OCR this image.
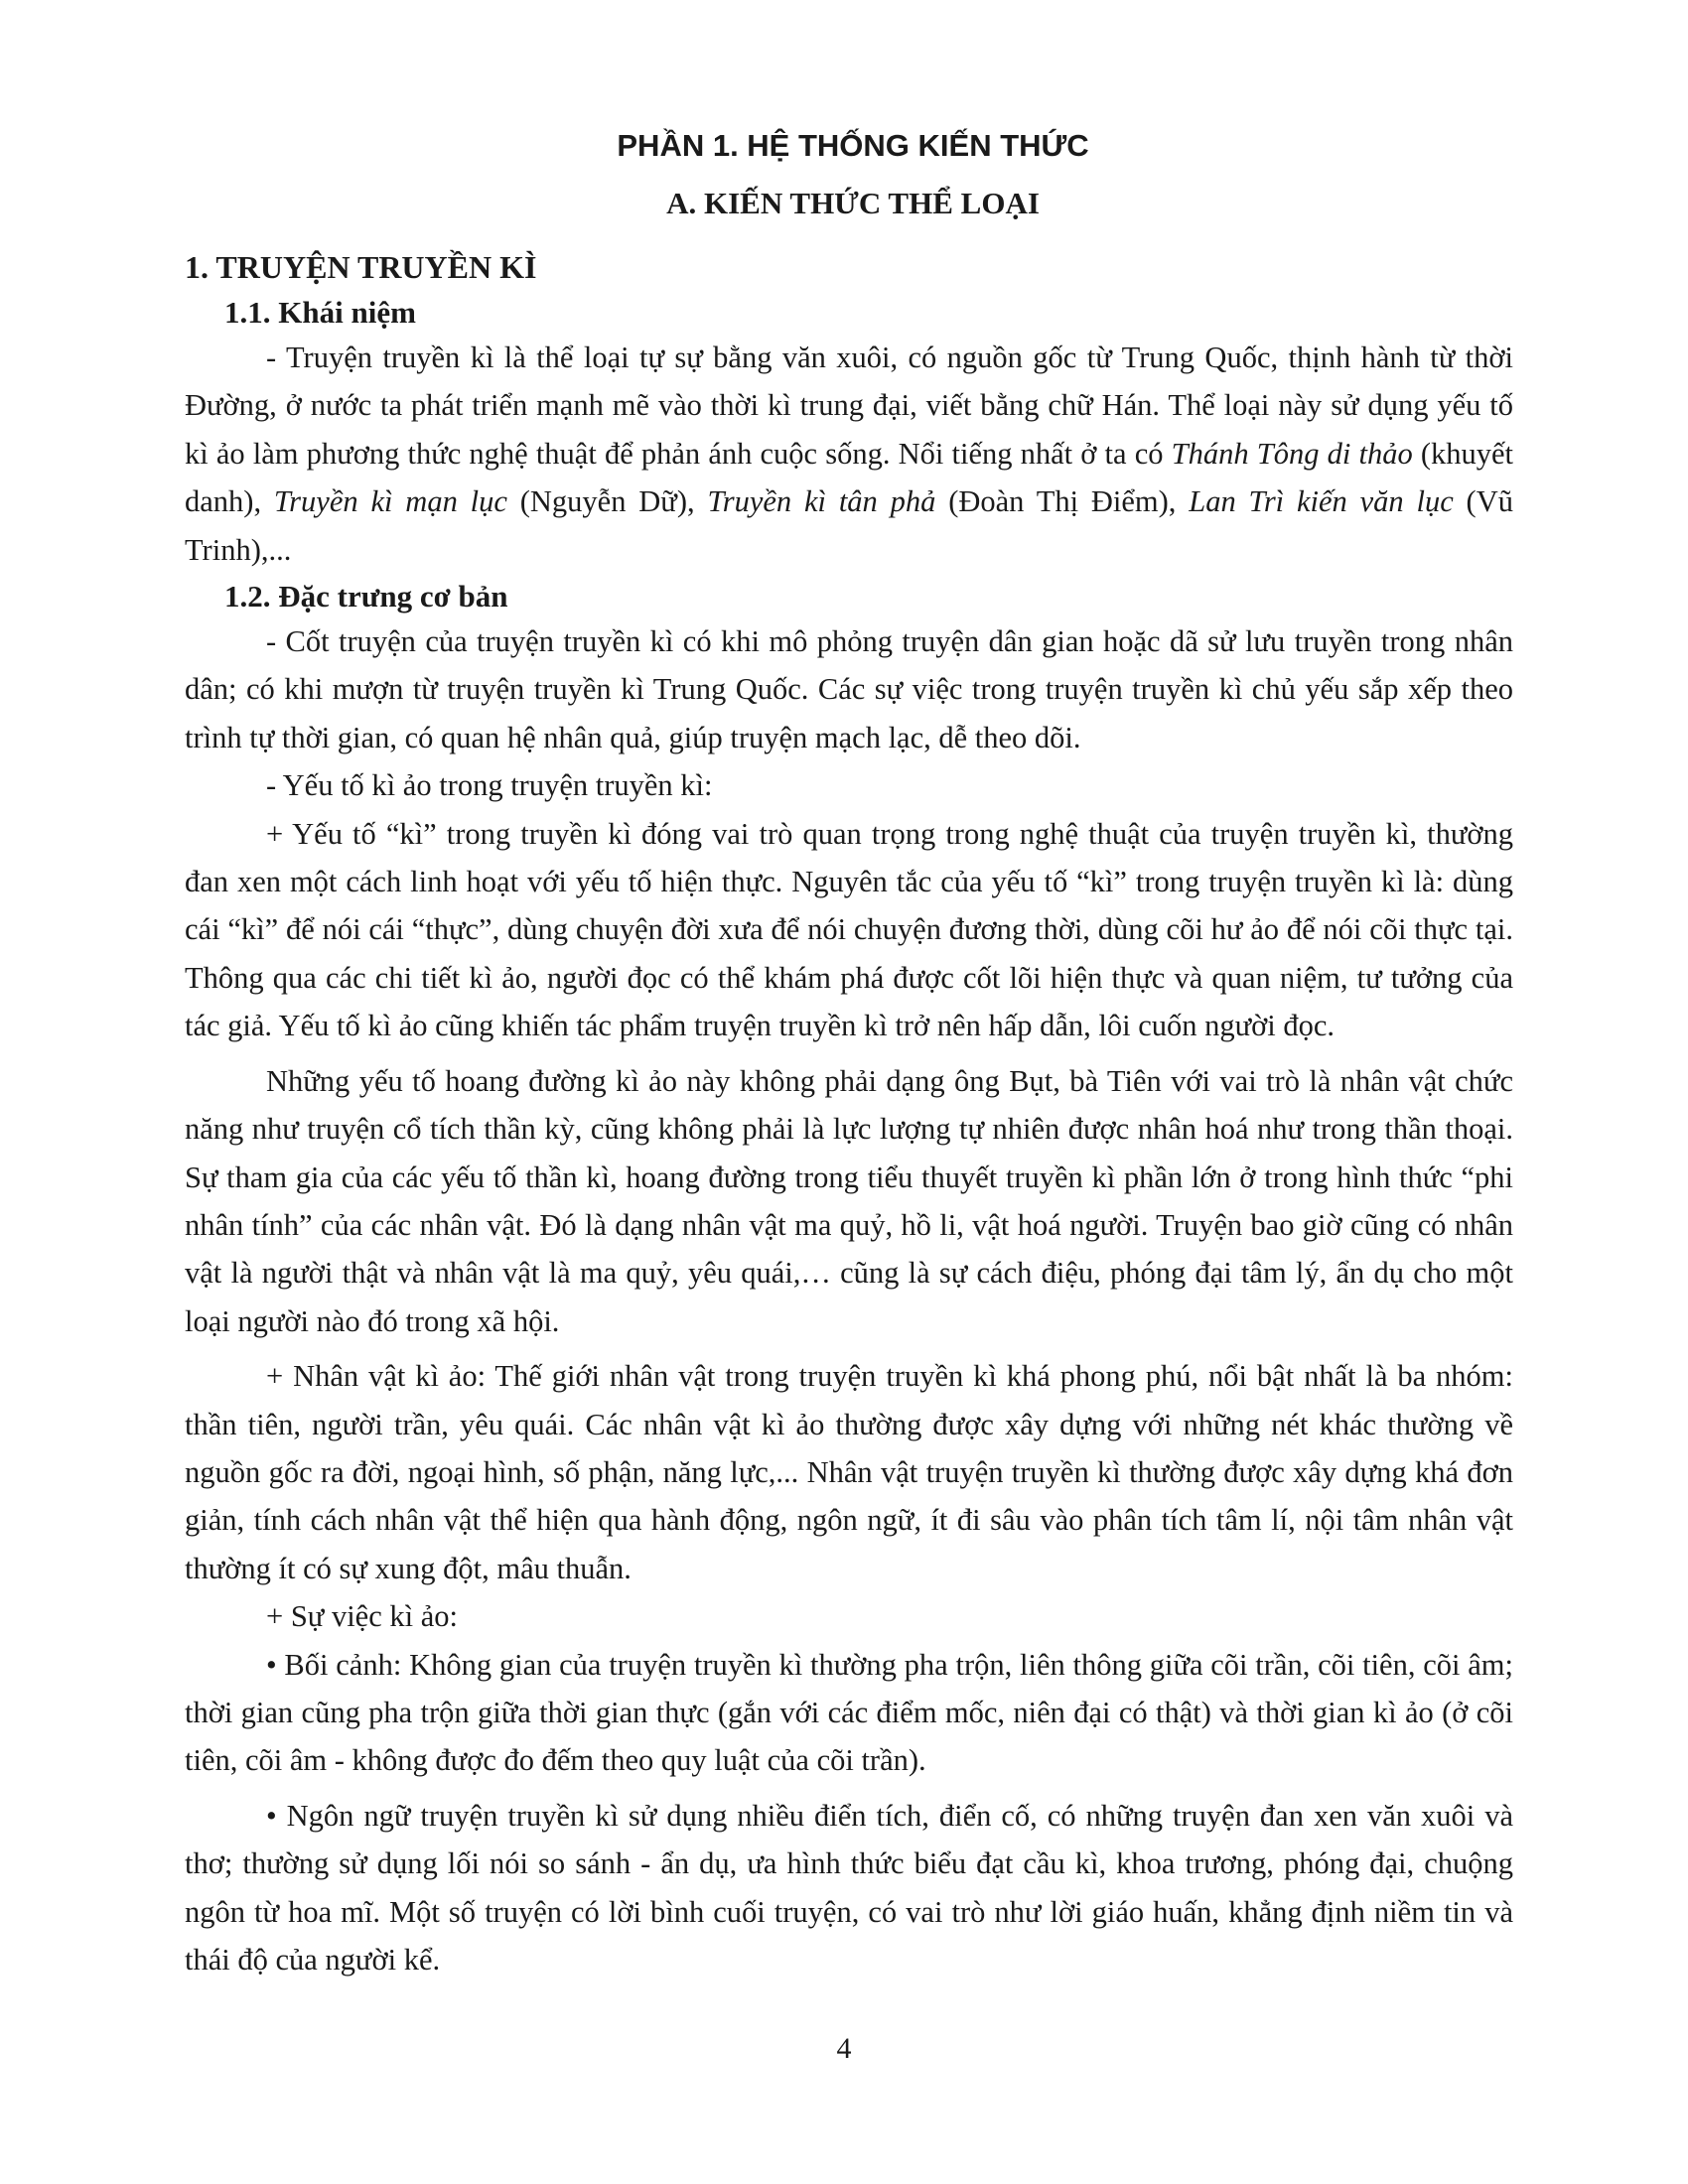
PHẦN 1. HỆ THỐNG KIẾN THỨC
A. KIẾN THỨC THỂ LOẠI
1. TRUYỆN TRUYỀN KÌ
1.1. Khái niệm

- Truyện truyền kì là thể loại tự sự bằng văn xuôi, có nguồn gốc từ Trung Quốc, thịnh hành từ thời Đường, ở nước ta phát triển mạnh mẽ vào thời kì trung đại, viết bằng chữ Hán. Thể loại này sử dụng yếu tố kì ảo làm phương thức nghệ thuật để phản ánh cuộc sống. Nổi tiếng nhất ở ta có Thánh Tông di thảo (khuyết danh), Truyền kì mạn lục (Nguyễn Dữ), Truyền kì tân phả (Đoàn Thị Điểm), Lan Trì kiến văn lục (Vũ Trinh),...

1.2. Đặc trưng cơ bản

- Cốt truyện của truyện truyền kì có khi mô phỏng truyện dân gian hoặc dã sử lưu truyền trong nhân dân; có khi mượn từ truyện truyền kì Trung Quốc. Các sự việc trong truyện truyền kì chủ yếu sắp xếp theo trình tự thời gian, có quan hệ nhân quả, giúp truyện mạch lạc, dễ theo dõi.

- Yếu tố kì ảo trong truyện truyền kì:

+ Yếu tố “kì” trong truyền kì đóng vai trò quan trọng trong nghệ thuật của truyện truyền kì, thường đan xen một cách linh hoạt với yếu tố hiện thực. Nguyên tắc của yếu tố “kì” trong truyện truyền kì là: dùng cái “kì” để nói cái “thực”, dùng chuyện đời xưa để nói chuyện đương thời, dùng cõi hư ảo để nói cõi thực tại. Thông qua các chi tiết kì ảo, người đọc có thể khám phá được cốt lõi hiện thực và quan niệm, tư tưởng của tác giả. Yếu tố kì ảo cũng khiến tác phẩm truyện truyền kì trở nên hấp dẫn, lôi cuốn người đọc.

Những yếu tố hoang đường kì ảo này không phải dạng ông Bụt, bà Tiên với vai trò là nhân vật chức năng như truyện cổ tích thần kỳ, cũng không phải là lực lượng tự nhiên được nhân hoá như trong thần thoại. Sự tham gia của các yếu tố thần kì, hoang đường trong tiểu thuyết truyền kì phần lớn ở trong hình thức “phi nhân tính” của các nhân vật. Đó là dạng nhân vật ma quỷ, hồ li, vật hoá người. Truyện bao giờ cũng có nhân vật là người thật và nhân vật là ma quỷ, yêu quái,… cũng là sự cách điệu, phóng đại tâm lý, ẩn dụ cho một loại người nào đó trong xã hội.

+ Nhân vật kì ảo: Thế giới nhân vật trong truyện truyền kì khá phong phú, nổi bật nhất là ba nhóm: thần tiên, người trần, yêu quái. Các nhân vật kì ảo thường được xây dựng với những nét khác thường về nguồn gốc ra đời, ngoại hình, số phận, năng lực,... Nhân vật truyện truyền kì thường được xây dựng khá đơn giản, tính cách nhân vật thể hiện qua hành động, ngôn ngữ, ít đi sâu vào phân tích tâm lí, nội tâm nhân vật thường ít có sự xung đột, mâu thuẫn.

+ Sự việc kì ảo:

• Bối cảnh: Không gian của truyện truyền kì thường pha trộn, liên thông giữa cõi trần, cõi tiên, cõi âm; thời gian cũng pha trộn giữa thời gian thực (gắn với các điểm mốc, niên đại có thật) và thời gian kì ảo (ở cõi tiên, cõi âm - không được đo đếm theo quy luật của cõi trần).

• Ngôn ngữ truyện truyền kì sử dụng nhiều điển tích, điển cố, có những truyện đan xen văn xuôi và thơ; thường sử dụng lối nói so sánh - ẩn dụ, ưa hình thức biểu đạt cầu kì, khoa trương, phóng đại, chuộng ngôn từ hoa mĩ. Một số truyện có lời bình cuối truyện, có vai trò như lời giáo huấn, khẳng định niềm tin và thái độ của người kể.

4
